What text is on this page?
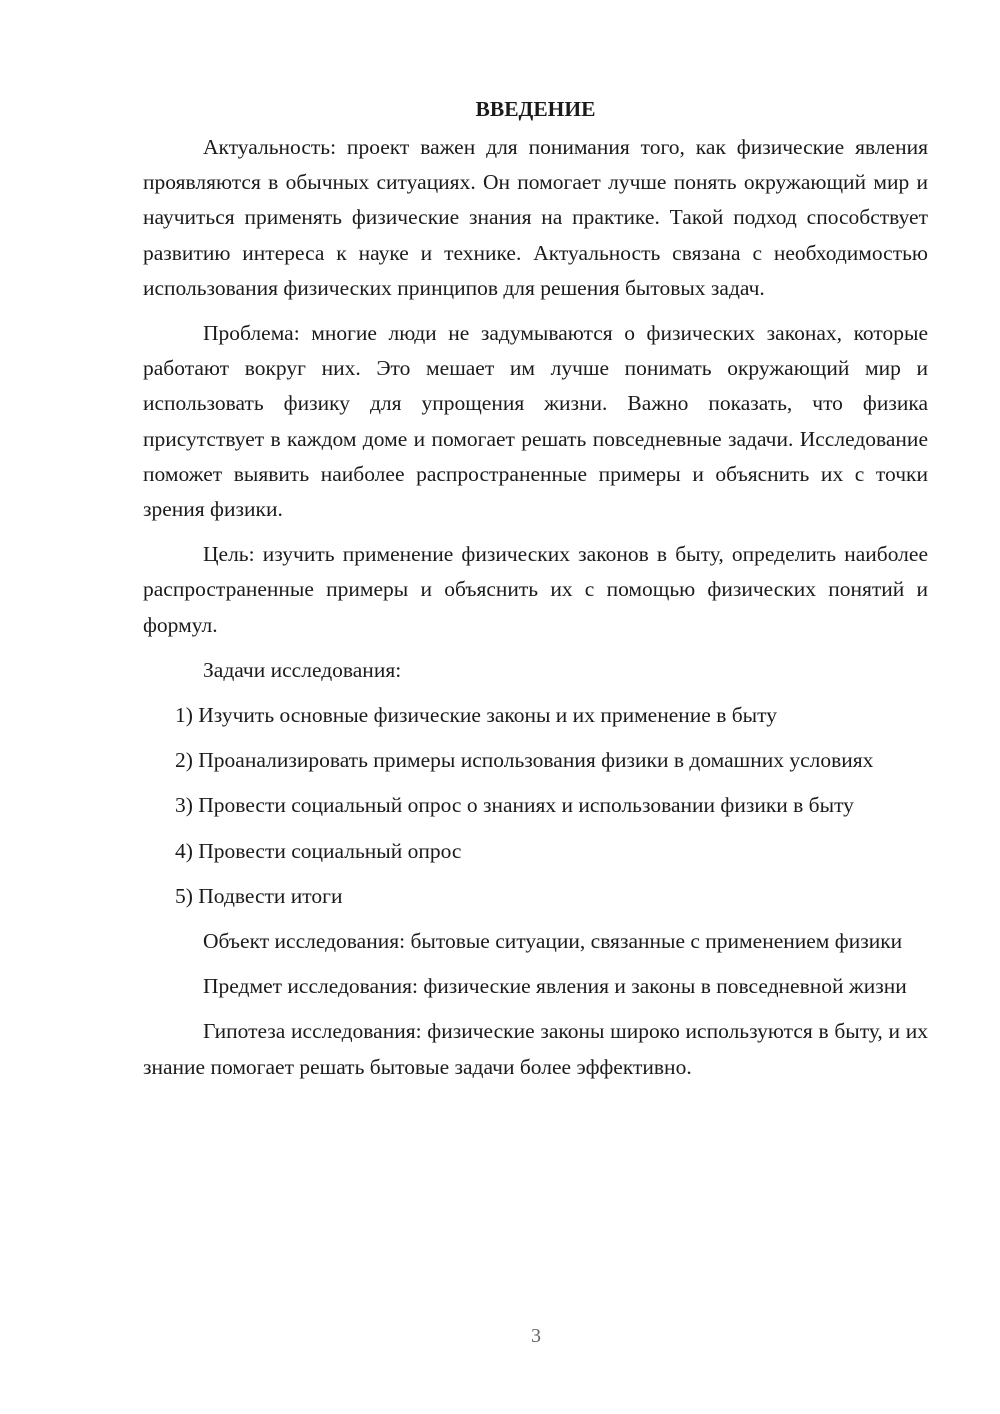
ВВЕДЕНИЕ

Актуальность: проект важен для понимания того, как физические явления проявляются в обычных ситуациях. Он помогает лучше понять окружающий мир и научиться применять физические знания на практике. Такой подход способствует развитию интереса к науке и технике. Актуальность связана с необходимостью использования физических принципов для решения бытовых задач.

Проблема: многие люди не задумываются о физических законах, которые работают вокруг них. Это мешает им лучше понимать окружающий мир и использовать физику для упрощения жизни. Важно показать, что физика присутствует в каждом доме и помогает решать повседневные задачи. Исследование поможет выявить наиболее распространенные примеры и объяснить их с точки зрения физики.

Цель: изучить применение физических законов в быту, определить наиболее распространенные примеры и объяснить их с помощью физических понятий и формул.

Задачи исследования:

1) Изучить основные физические законы и их применение в быту

2) Проанализировать примеры использования физики в домашних условиях

3) Провести социальный опрос о знаниях и использовании физики в быту

4) Провести социальный опрос

5) Подвести итоги

Объект исследования: бытовые ситуации, связанные с применением физики

Предмет исследования: физические явления и законы в повседневной жизни

Гипотеза исследования: физические законы широко используются в быту, и их знание помогает решать бытовые задачи более эффективно.

3
